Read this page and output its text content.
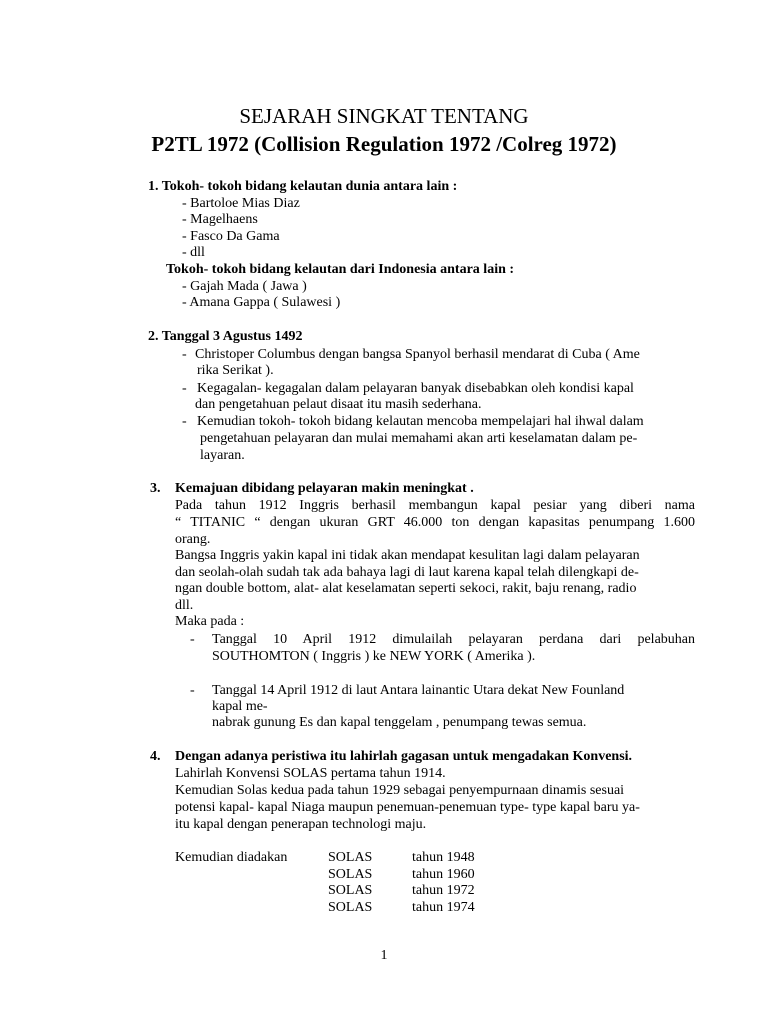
SEJARAH SINGKAT TENTANG
P2TL 1972 (Collision Regulation 1972 /Colreg 1972)
1. Tokoh- tokoh bidang kelautan dunia antara lain :
- Bartoloe Mias Diaz
- Magelhaens
- Fasco Da Gama
- dll
Tokoh- tokoh bidang kelautan dari Indonesia antara lain :
- Gajah Mada ( Jawa )
- Amana Gappa ( Sulawesi )
2. Tanggal 3 Agustus 1492
- Christoper Columbus dengan bangsa Spanyol berhasil mendarat di Cuba ( Ame
rika Serikat ).
- Kegagalan- kegagalan dalam pelayaran banyak disebabkan oleh kondisi kapal
dan pengetahuan pelaut disaat itu masih sederhana.
- Kemudian tokoh- tokoh bidang kelautan mencoba mempelajari hal ihwal dalam
pengetahuan pelayaran dan mulai memahami akan arti keselamatan dalam pe-
layaran.
3. Kemajuan dibidang pelayaran makin meningkat .
Pada tahun 1912 Inggris berhasil membangun kapal pesiar yang diberi nama
“ TITANIC “ dengan ukuran GRT 46.000 ton dengan kapasitas penumpang 1.600
orang.
Bangsa Inggris yakin kapal ini tidak akan mendapat kesulitan lagi dalam pelayaran
dan seolah-olah sudah tak ada bahaya lagi di laut karena kapal telah dilengkapi de-
ngan double bottom, alat- alat keselamatan seperti sekoci, rakit, baju renang, radio
dll.
Maka pada :
- Tanggal 10 April 1912 dimulailah pelayaran perdana dari pelabuhan
SOUTHOMTON ( Inggris ) ke NEW YORK ( Amerika ).
- Tanggal 14 April 1912 di laut Antara lainantic Utara dekat New Founland
kapal me-
nabrak gunung Es dan kapal tenggelam , penumpang tewas semua.
4. Dengan adanya peristiwa itu lahirlah gagasan untuk mengadakan Konvensi.
Lahirlah Konvensi SOLAS pertama tahun 1914.
Kemudian Solas kedua pada tahun 1929 sebagai penyempurnaan dinamis sesuai
potensi kapal- kapal Niaga maupun penemuan-penemuan type- type kapal baru ya-
itu kapal dengan penerapan technologi maju.
Kemudian diadakan	SOLAS	tahun 1948
SOLAS	tahun 1960
SOLAS	tahun 1972
SOLAS	tahun 1974
1
